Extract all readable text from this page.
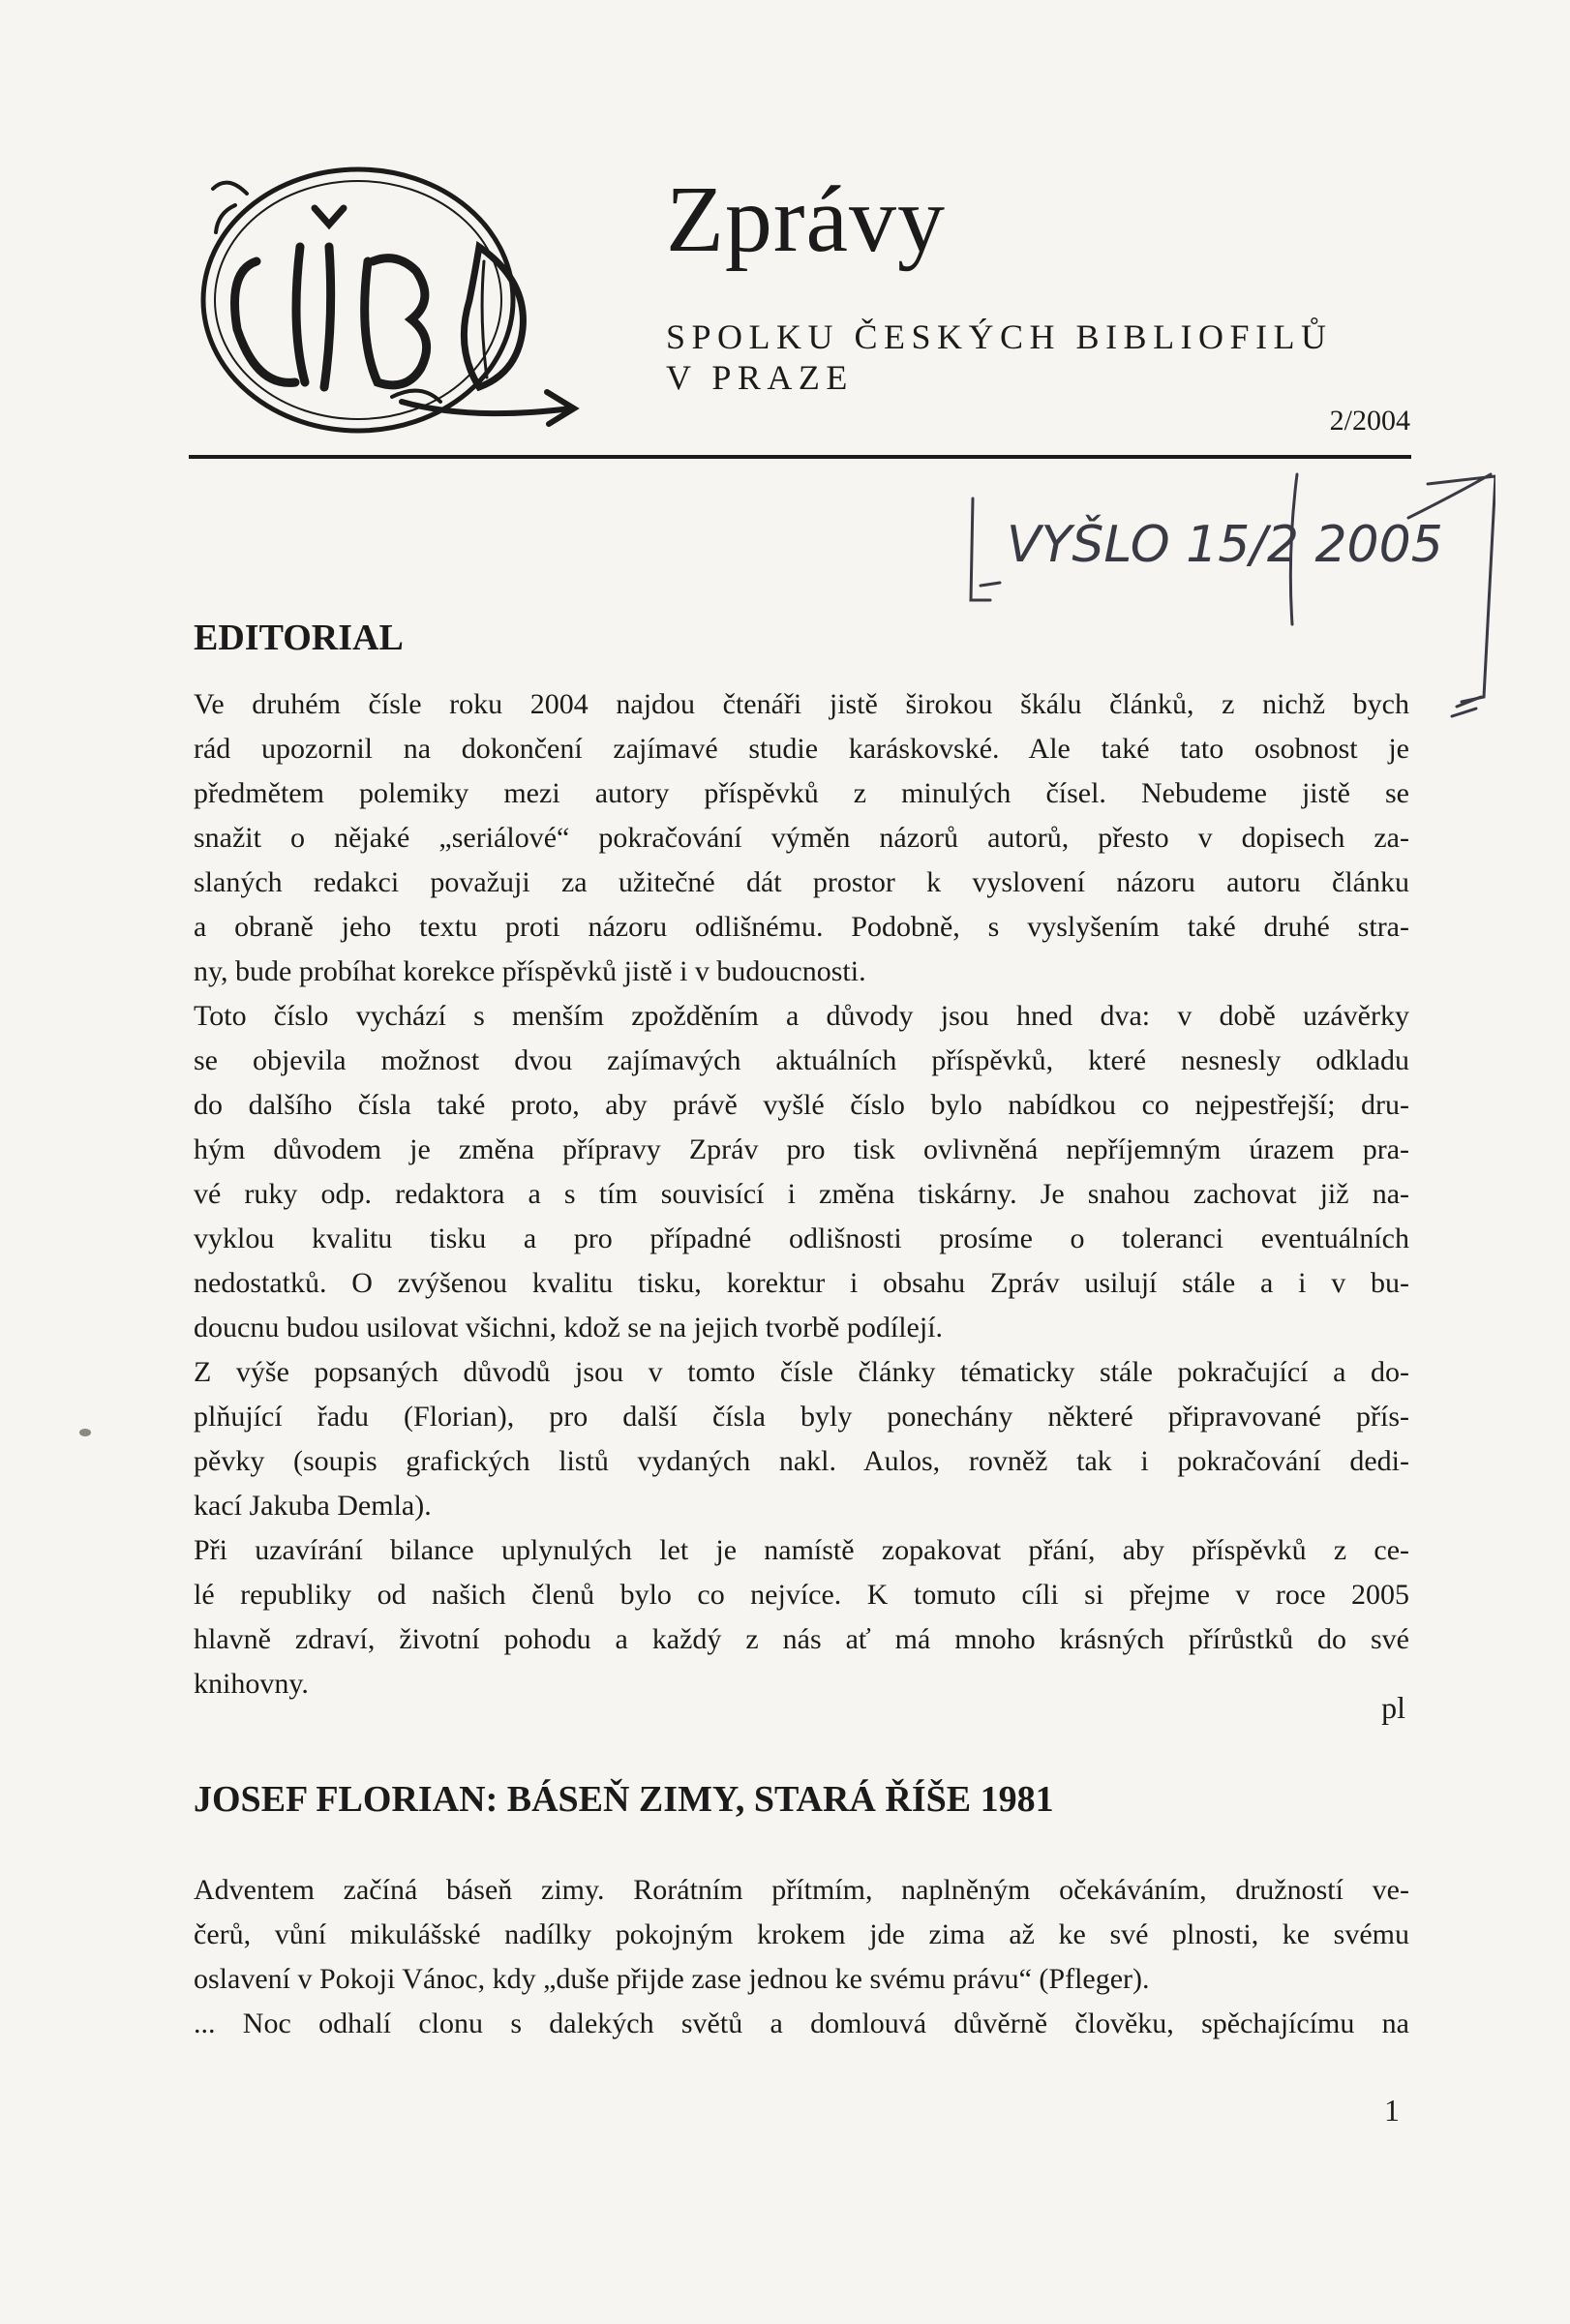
Zprávy
SPOLKU ČESKÝCH BIBLIOFILŮ
V PRAZE
2/2004
VYŠLO 15/2 2005
EDITORIAL
Ve druhém čísle roku 2004 najdou čtenáři jistě širokou škálu článků, z nichž bych
rád upozornil na dokončení zajímavé studie karáskovské. Ale také tato osobnost je
předmětem polemiky mezi autory příspěvků z minulých čísel. Nebudeme jistě se
snažit o nějaké „seriálové“ pokračování výměn názorů autorů, přesto v dopisech za-
slaných redakci považuji za užitečné dát prostor k vyslovení názoru autoru článku
a obraně jeho textu proti názoru odlišnému. Podobně, s vyslyšením také druhé stra-
ny, bude probíhat korekce příspěvků jistě i v budoucnosti.
Toto číslo vychází s menším zpožděním a důvody jsou hned dva: v době uzávěrky
se objevila možnost dvou zajímavých aktuálních příspěvků, které nesnesly odkladu
do dalšího čísla také proto, aby právě vyšlé číslo bylo nabídkou co nejpestřejší; dru-
hým důvodem je změna přípravy Zpráv pro tisk ovlivněná nepříjemným úrazem pra-
vé ruky odp. redaktora a s tím souvisící i změna tiskárny. Je snahou zachovat již na-
vyklou kvalitu tisku a pro případné odlišnosti prosíme o toleranci eventuálních
nedostatků. O zvýšenou kvalitu tisku, korektur i obsahu Zpráv usilují stále a i v bu-
doucnu budou usilovat všichni, kdož se na jejich tvorbě podílejí.
Z výše popsaných důvodů jsou v tomto čísle články tématicky stále pokračující a do-
plňující řadu (Florian), pro další čísla byly ponechány některé připravované přís-
pěvky (soupis grafických listů vydaných nakl. Aulos, rovněž tak i pokračování dedi-
kací Jakuba Demla).
Při uzavírání bilance uplynulých let je namístě zopakovat přání, aby příspěvků z ce-
lé republiky od našich členů bylo co nejvíce. K tomuto cíli si přejme v roce 2005
hlavně zdraví, životní pohodu a každý z nás ať má mnoho krásných přírůstků do své
knihovny.
pl
JOSEF FLORIAN: BÁSEŇ ZIMY, STARÁ ŘÍŠE 1981
Adventem začíná báseň zimy. Rorátním přítmím, naplněným očekáváním, družností ve-
čerů, vůní mikulášské nadílky pokojným krokem jde zima až ke své plnosti, ke svému
oslavení v Pokoji Vánoc, kdy „duše přijde zase jednou ke svému právu“ (Pfleger).
... Noc odhalí clonu s dalekých světů a domlouvá důvěrně člověku, spěchajícímu na
1
